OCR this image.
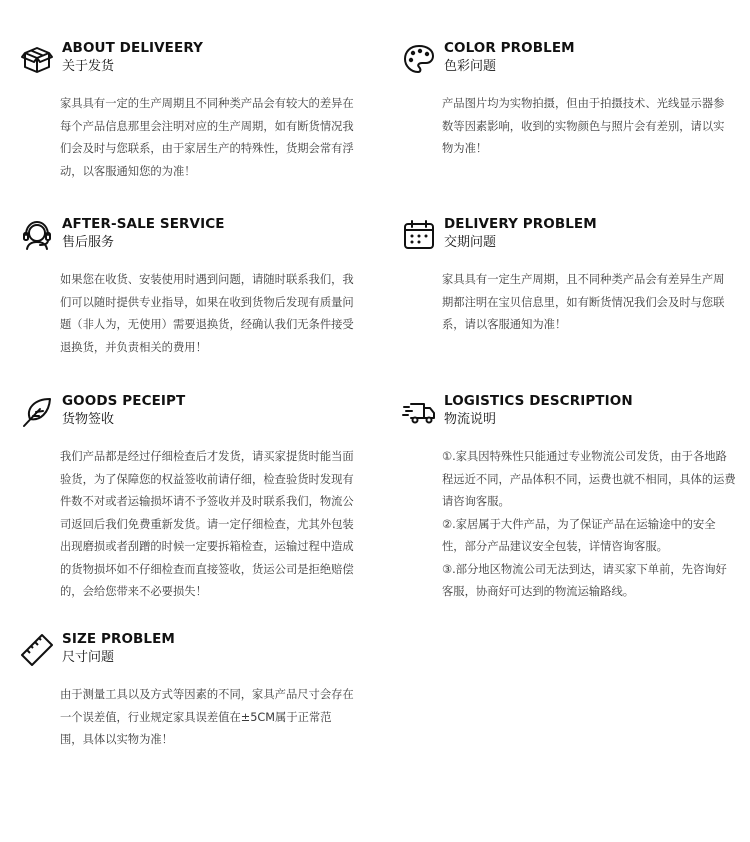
ABOUT DELIVEERY
关于发货
家具具有一定的生产周期且不同种类产品会有较大的差异在每个产品信息那里会注明对应的生产周期，如有断货情况我们会及时与您联系，由于家居生产的特殊性，货期会常有浮动，以客服通知您的为准！
COLOR PROBLEM
色彩问题
产品图片均为实物拍摄，但由于拍摄技术、光线显示器参数等因素影响，收到的实物颜色与照片会有差别，请以实物为准！
AFTER-SALE SERVICE
售后服务
如果您在收货、安装使用时遇到问题，请随时联系我们，我们可以随时提供专业指导，如果在收到货物后发现有质量问题（非人为，无使用）需要退换货，经确认我们无条件接受退换货，并负责相关的费用！
DELIVERY PROBLEM
交期问题
家具具有一定生产周期，且不同种类产品会有差异生产周期都注明在宝贝信息里，如有断货情况我们会及时与您联系，请以客服通知为准！
GOODS PECEIPT
货物签收
我们产品都是经过仔细检查后才发货，请买家提货时能当面验货，为了保障您的权益签收前请仔细，检查验货时发现有件数不对或者运输损坏请不予签收并及时联系我们，物流公司返回后我们免费重新发货。请一定仔细检查，尤其外包装出现磨损或者刮蹭的时候一定要拆箱检查，运输过程中造成的货物损坏如不仔细检查而直接签收，货运公司是拒绝赔偿的，会给您带来不必要损失！
LOGISTICS DESCRIPTION
物流说明

①.家具因特殊性只能通过专业物流公司发货，由于各地路程远近不同，产品体积不同，运费也就不相同，具体的运费请咨询客服。

②.家居属于大件产品，为了保证产品在运输途中的安全性，部分产品建议安全包装，详情咨询客服。

③.部分地区物流公司无法到达，请买家下单前，先咨询好客服，协商好可达到的物流运输路线。

SIZE PROBLEM
尺寸问题
由于测量工具以及方式等因素的不同，家具产品尺寸会存在一个误差值，行业规定家具误差值在±5CM属于正常范围，具体以实物为准！
